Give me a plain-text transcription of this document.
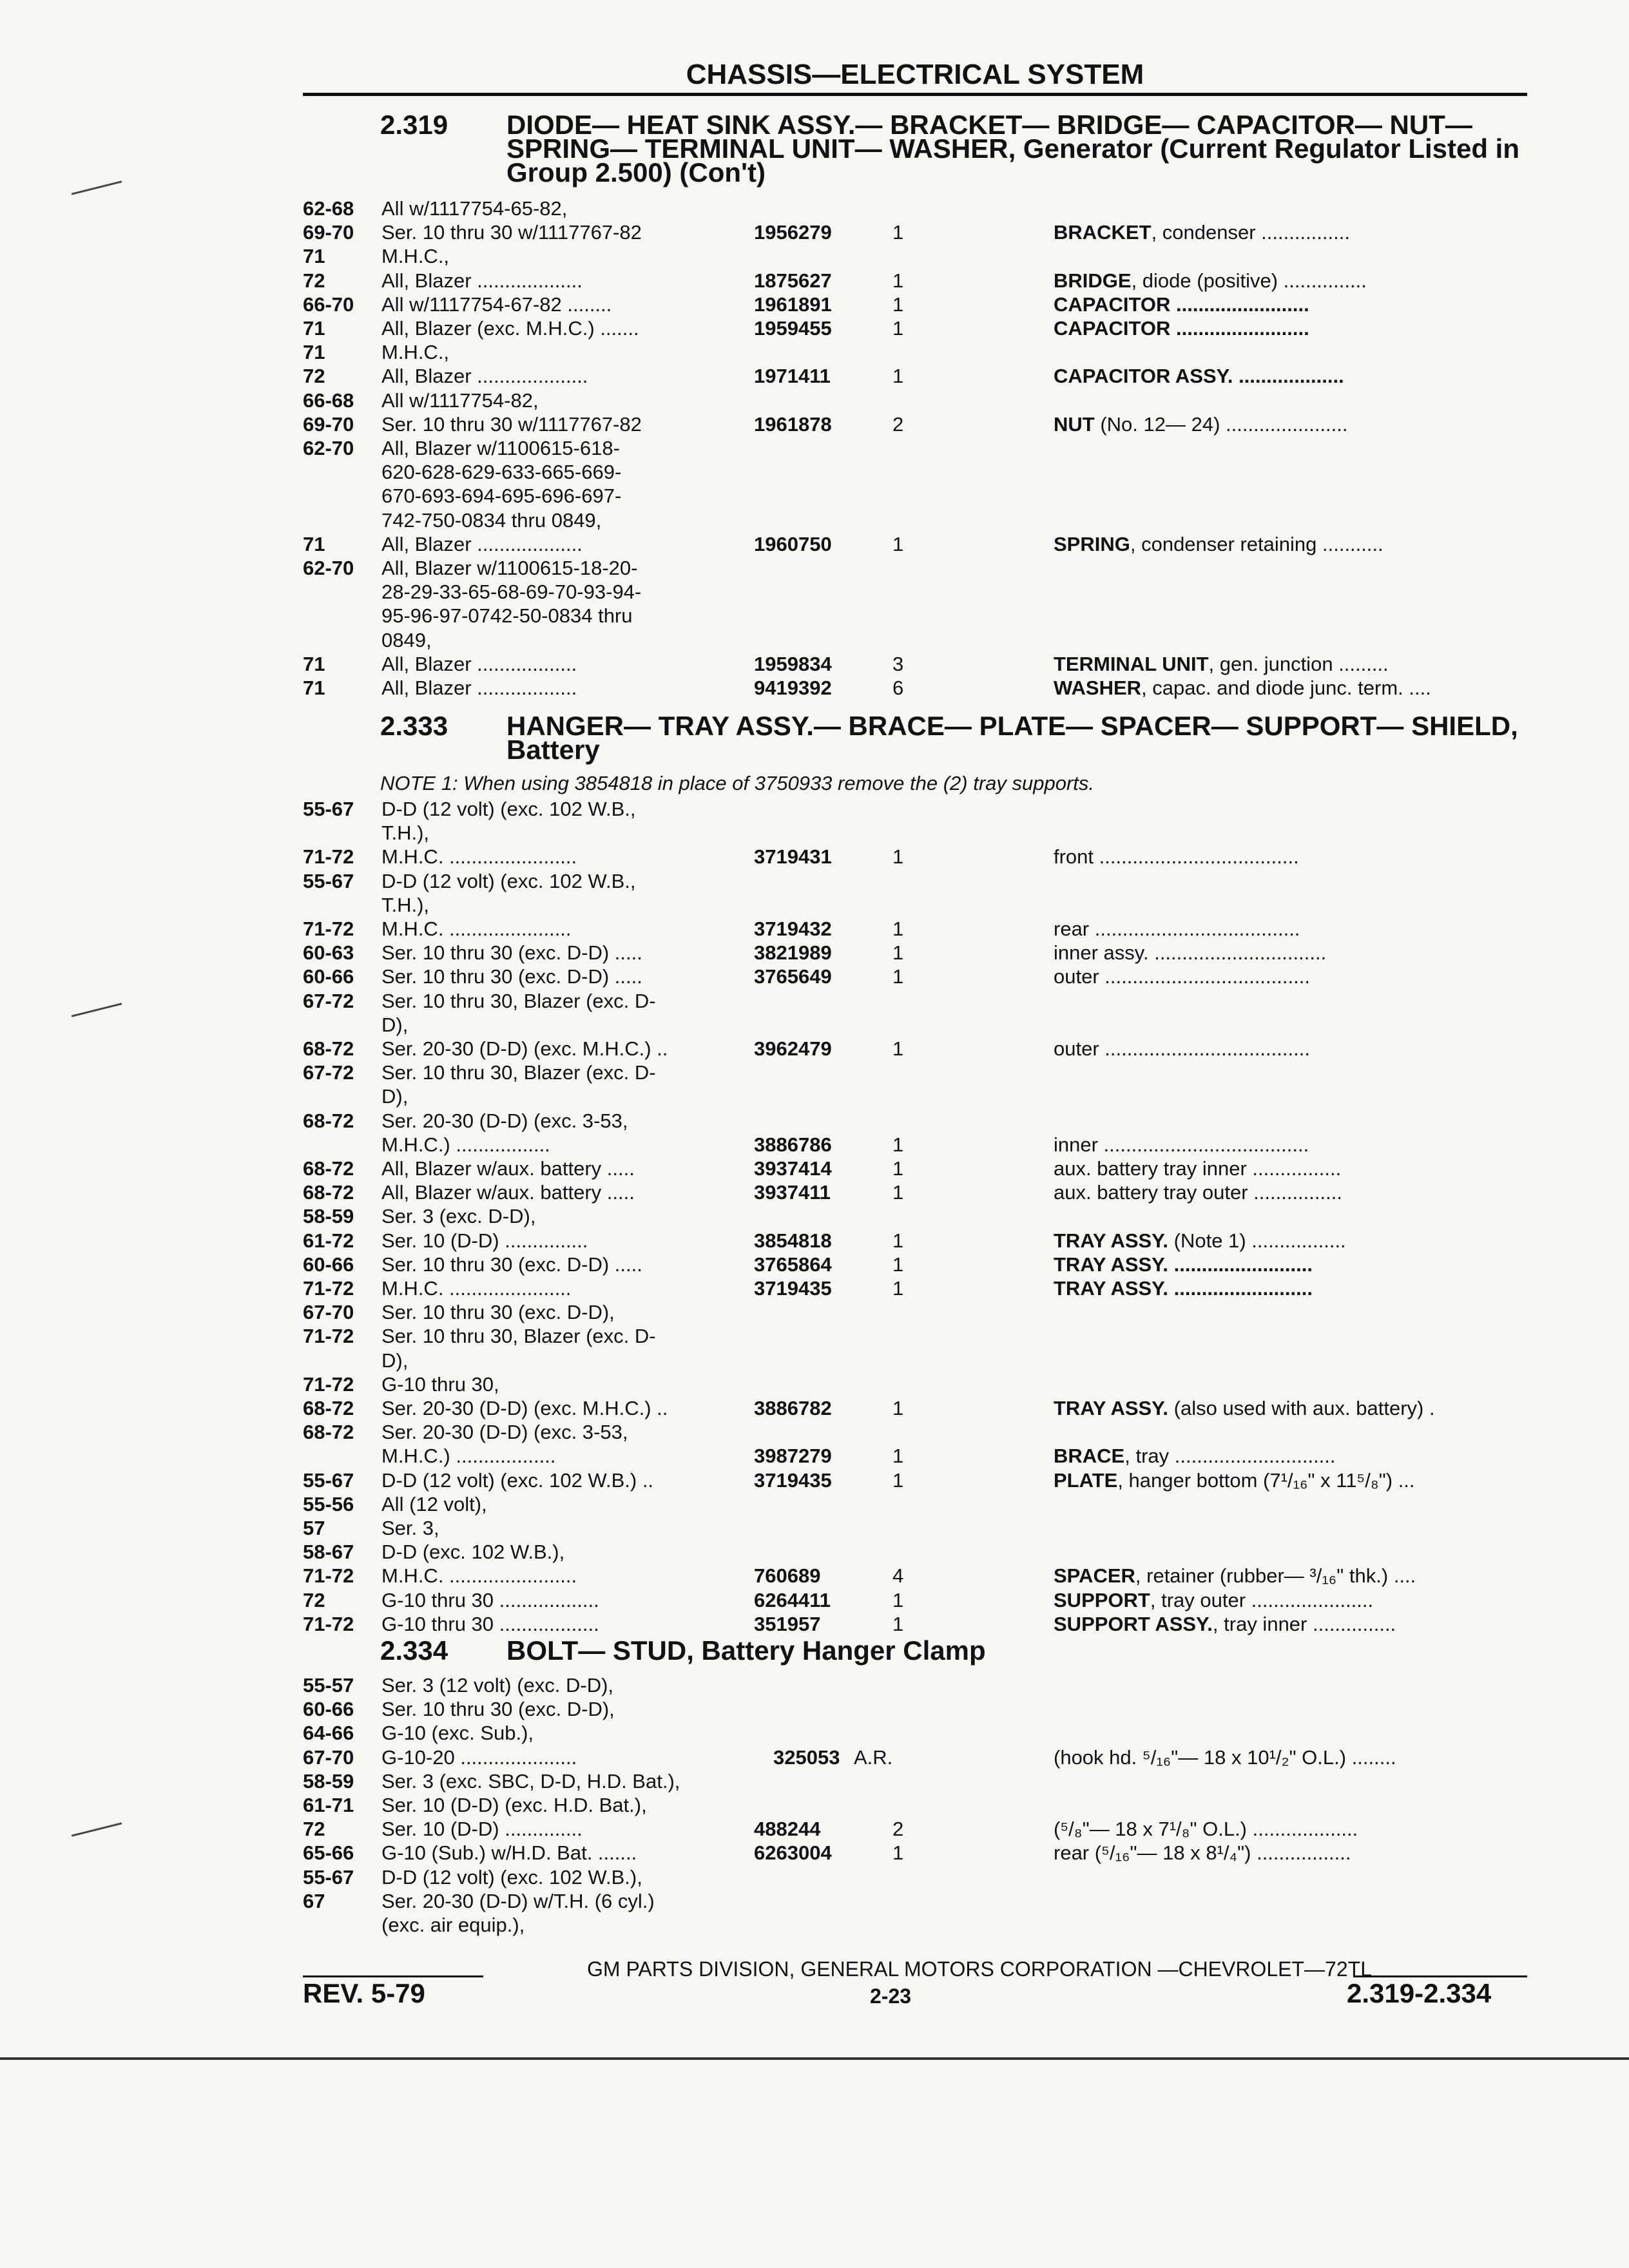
CHASSIS—ELECTRICAL SYSTEM
2.319 DIODE— HEAT SINK ASSY.— BRACKET— BRIDGE— CAPACITOR— NUT— SPRING— TERMINAL UNIT— WASHER, Generator (Current Regulator Listed in Group 2.500) (Con't)
2.333 HANGER— TRAY ASSY.— BRACE— PLATE— SPACER— SUPPORT— SHIELD, Battery
NOTE 1: When using 3854818 in place of 3750933 remove the (2) tray supports.
2.334 BOLT— STUD, Battery Hanger Clamp
62-68 All w/1117754-65-82,
69-70 Ser. 10 thru 30 w/1117767-82	1956279	1	BRACKET, condenser ................
71	M.H.C.,
72	All, Blazer ...................	1875627	1	BRIDGE, diode (positive) ...............
66-70 All w/1117754-67-82 ........	1961891	1	CAPACITOR ........................
71	All, Blazer (exc. M.H.C.) .......	1959455	1	CAPACITOR ........................
71	M.H.C.,
72	All, Blazer ....................	1971411	1	CAPACITOR ASSY. ...................
66-68 All w/1117754-82,
69-70 Ser. 10 thru 30 w/1117767-82	1961878	2	NUT (No. 12— 24) ......................
62-70 All, Blazer w/1100615-618-
620-628-629-633-665-669-
670-693-694-695-696-697-
742-750-0834 thru 0849,
71	All, Blazer ...................	1960750	1	SPRING, condenser retaining ...........
62-70 All, Blazer w/1100615-18-20-
28-29-33-65-68-69-70-93-94-
95-96-97-0742-50-0834 thru
0849,
71	All, Blazer ..................	1959834	3	TERMINAL UNIT, gen. junction .........
71	All, Blazer ..................	9419392	6	WASHER, capac. and diode junc. term. ....
55-67 D-D (12 volt) (exc. 102 W.B.,
T.H.),
71-72 M.H.C. .......................	3719431	1	front ....................................
55-67 D-D (12 volt) (exc. 102 W.B.,
T.H.),
71-72 M.H.C. ......................	3719432	1	rear .....................................
60-63 Ser. 10 thru 30 (exc. D-D) .....	3821989	1	inner assy. ...............................
60-66 Ser. 10 thru 30 (exc. D-D) .....	3765649	1	outer .....................................
67-72 Ser. 10 thru 30, Blazer (exc. D-
D),
68-72 Ser. 20-30 (D-D) (exc. M.H.C.) ..	3962479	1	outer .....................................
67-72 Ser. 10 thru 30, Blazer (exc. D-
D),
68-72 Ser. 20-30 (D-D) (exc. 3-53,
M.H.C.) .................	3886786	1	inner .....................................
68-72 All, Blazer w/aux. battery .....	3937414	1	aux. battery tray inner ................
68-72 All, Blazer w/aux. battery .....	3937411	1	aux. battery tray outer ................
58-59 Ser. 3 (exc. D-D),
61-72 Ser. 10 (D-D) ...............	3854818	1	TRAY ASSY. (Note 1) .................
60-66 Ser. 10 thru 30 (exc. D-D) .....	3765864	1	TRAY ASSY. .........................
71-72 M.H.C. ......................	3719435	1	TRAY ASSY. .........................
67-70 Ser. 10 thru 30 (exc. D-D),
71-72 Ser. 10 thru 30, Blazer (exc. D-
D),
71-72 G-10 thru 30,
68-72 Ser. 20-30 (D-D) (exc. M.H.C.) ..	3886782	1	TRAY ASSY. (also used with aux. battery) .
68-72 Ser. 20-30 (D-D) (exc. 3-53,
M.H.C.) ..................	3987279	1	BRACE, tray .............................
55-67 D-D (12 volt) (exc. 102 W.B.) ..	3719435	1	PLATE, hanger bottom (7¹/₁₆" x 11⁵/₈") ...
55-56 All (12 volt),
57	Ser. 3,
58-67 D-D (exc. 102 W.B.),
71-72 M.H.C. .......................	760689	4	SPACER, retainer (rubber— ³/₁₆" thk.) ....
72	G-10 thru 30 ..................	6264411	1	SUPPORT, tray outer ......................
71-72 G-10 thru 30 ..................	351957	1	SUPPORT ASSY., tray inner ...............
55-57 Ser. 3 (12 volt) (exc. D-D),
60-66 Ser. 10 thru 30 (exc. D-D),
64-66 G-10 (exc. Sub.),
67-70 G-10-20 .....................	325053 A.R.	(hook hd. ⁵/₁₆"— 18 x 10¹/₂" O.L.) ........
58-59 Ser. 3 (exc. SBC, D-D, H.D. Bat.),
61-71 Ser. 10 (D-D) (exc. H.D. Bat.),
72	Ser. 10 (D-D) ..............	488244	2	(⁵/₈"— 18 x 7¹/₈" O.L.) ...................
65-66 G-10 (Sub.) w/H.D. Bat. .......	6263004	1	rear (⁵/₁₆"— 18 x 8¹/₄") .................
55-67 D-D (12 volt) (exc. 102 W.B.),
67	Ser. 20-30 (D-D) w/T.H. (6 cyl.)
(exc. air equip.),
GM PARTS DIVISION, GENERAL MOTORS CORPORATION —CHEVROLET—72TL
REV. 5-79	2-23	2.319-2.334
